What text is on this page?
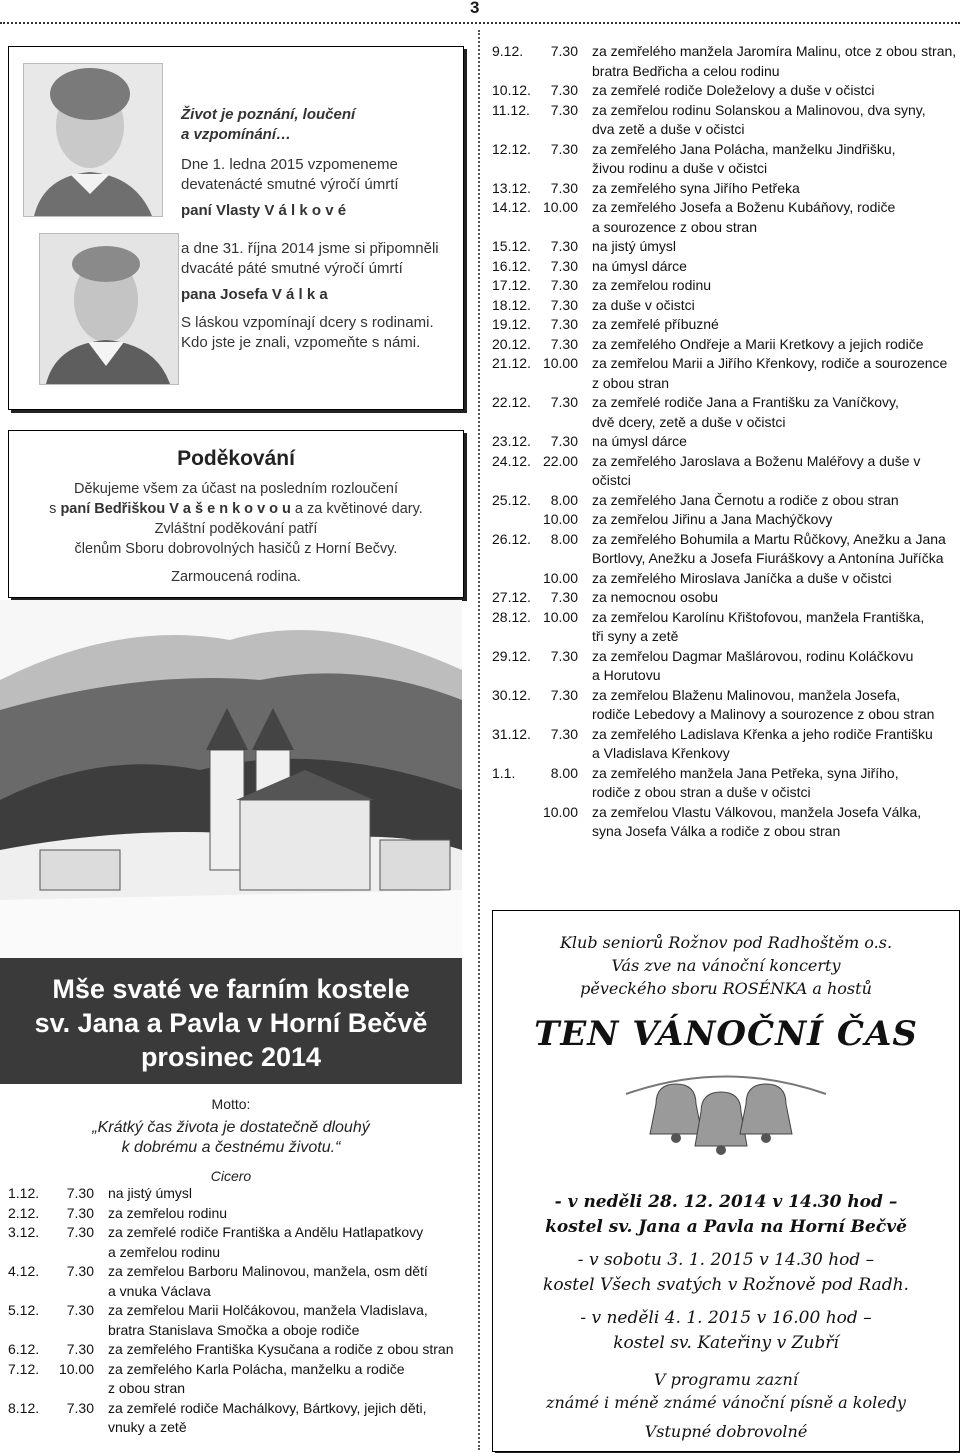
3

Život je poznání, loučení

a vzpomínání…

Dne 1. ledna 2015 vzpomeneme

devatenácté smutné výročí úmrtí

paní Vlasty V á l k o v é

a dne 31. října 2014 jsme si připomněli

dvacáté páté smutné výročí úmrtí

pana Josefa V á l k a

S láskou vzpomínají dcery s rodinami.

Kdo jste je znali, vzpomeňte s námi.

Poděkování

Děkujeme všem za účast na posledním rozloučení

s paní Bedřiškou V a š e n k o v o u a za květinové dary.

Zvláštní poděkování patří

členům Sboru dobrovolných hasičů z Horní Bečvy.

Zarmoucená rodina.

Mše svaté ve farním kostele
sv. Jana a Pavla v Horní Bečvě
prosinec 2014
Motto:
„Krátký čas života je dostatečně dlouhý
k dobrému a čestnému životu.“
Cicero
1.12.	7.30	na jistý úmysl
2.12.	7.30	za zemřelou rodinu
3.12.	7.30	za zemřelé rodiče Františka a Andělu Hatlapatkovy
a zemřelou rodinu
4.12.	7.30	za zemřelou Barboru Malinovou, manžela, osm dětí
a vnuka Václava
5.12.	7.30	za zemřelou Marii Holčákovou, manžela Vladislava,
bratra Stanislava Smočka a oboje rodiče
6.12.	7.30	za zemřelého Františka Kysučana a rodiče z obou stran
7.12.	10.00	za zemřelého Karla Polácha, manželku a rodiče
z obou stran
8.12.	7.30	za zemřelé rodiče Machálkovy, Bártkovy, jejich děti,
vnuky a zetě
9.12.	7.30	za zemřelého manžela Jaromíra Malinu, otce z obou stran,
bratra Bedřicha a celou rodinu
10.12.	7.30	za zemřelé rodiče Doleželovy a duše v očistci
11.12.	7.30	za zemřelou rodinu Solanskou a Malinovou, dva syny,
dva zetě a duše v očistci
12.12.	7.30	za zemřelého Jana Polácha, manželku Jindřišku,
živou rodinu a duše v očistci
13.12.	7.30	za zemřelého syna Jiřího Petřeka
14.12. 10.00	za zemřelého Josefa a Boženu Kubáňovy, rodiče
a sourozence z obou stran
15.12.	7.30	na jistý úmysl
16.12.	7.30	na úmysl dárce
17.12.	7.30	za zemřelou rodinu
18.12.	7.30	za duše v očistci
19.12.	7.30	za zemřelé příbuzné
20.12.	7.30	za zemřelého Ondřeje a Marii Kretkovy a jejich rodiče
21.12. 10.00	za zemřelou Marii a Jiřího Křenkovy, rodiče a sourozence
z obou stran
22.12.	7.30	za zemřelé rodiče Jana a Františku za Vaníčkovy,
dvě dcery, zetě a duše v očistci
23.12.	7.30	na úmysl dárce
24.12. 22.00	za zemřelého Jaroslava a Boženu Maléřovy a duše v očistci
25.12.	8.00	za zemřelého Jana Černotu a rodiče z obou stran
10.00	za zemřelou Jiřinu a Jana Machýčkovy
26.12.	8.00	za zemřelého Bohumila a Martu Růčkovy, Anežku a Jana
Bortlovy, Anežku a Josefa Fiuráškovy a Antonína Juříčka
10.00	za zemřelého Miroslava Janíčka a duše v očistci
27.12.	7.30	za nemocnou osobu
28.12. 10.00	za zemřelou Karolínu Křištofovou, manžela Františka,
tři syny a zetě
29.12.	7.30	za zemřelou Dagmar Mašlárovou, rodinu Koláčkovu
a Horutovu
30.12.	7.30	za zemřelou Blaženu Malinovou, manžela Josefa,
rodiče Lebedovy a Malinovy a sourozence z obou stran
31.12.	7.30	za zemřelého Ladislava Křenka a jeho rodiče Františku
a Vladislava Křenkovy
1.1.	8.00	za zemřelého manžela Jana Petřeka, syna Jiřího,
rodiče z obou stran a duše v očistci
10.00	za zemřelou Vlastu Válkovou, manžela Josefa Válka,
syna Josefa Válka a rodiče z obou stran
Klub seniorů Rožnov pod Radhoštěm o.s.
Vás zve na vánoční koncerty
pěveckého sboru ROSÉNKA a hostů
TEN VÁNOČNÍ ČAS
- v neděli 28. 12. 2014 v 14.30 hod –
kostel sv. Jana a Pavla na Horní Bečvě
- v sobotu 3. 1. 2015 v 14.30 hod –
kostel Všech svatých v Rožnově pod Radh.
- v neděli 4. 1. 2015 v 16.00 hod –
kostel sv. Kateřiny v Zubří
V programu zazní
známé i méně známé vánoční písně a koledy
Vstupné dobrovolné
